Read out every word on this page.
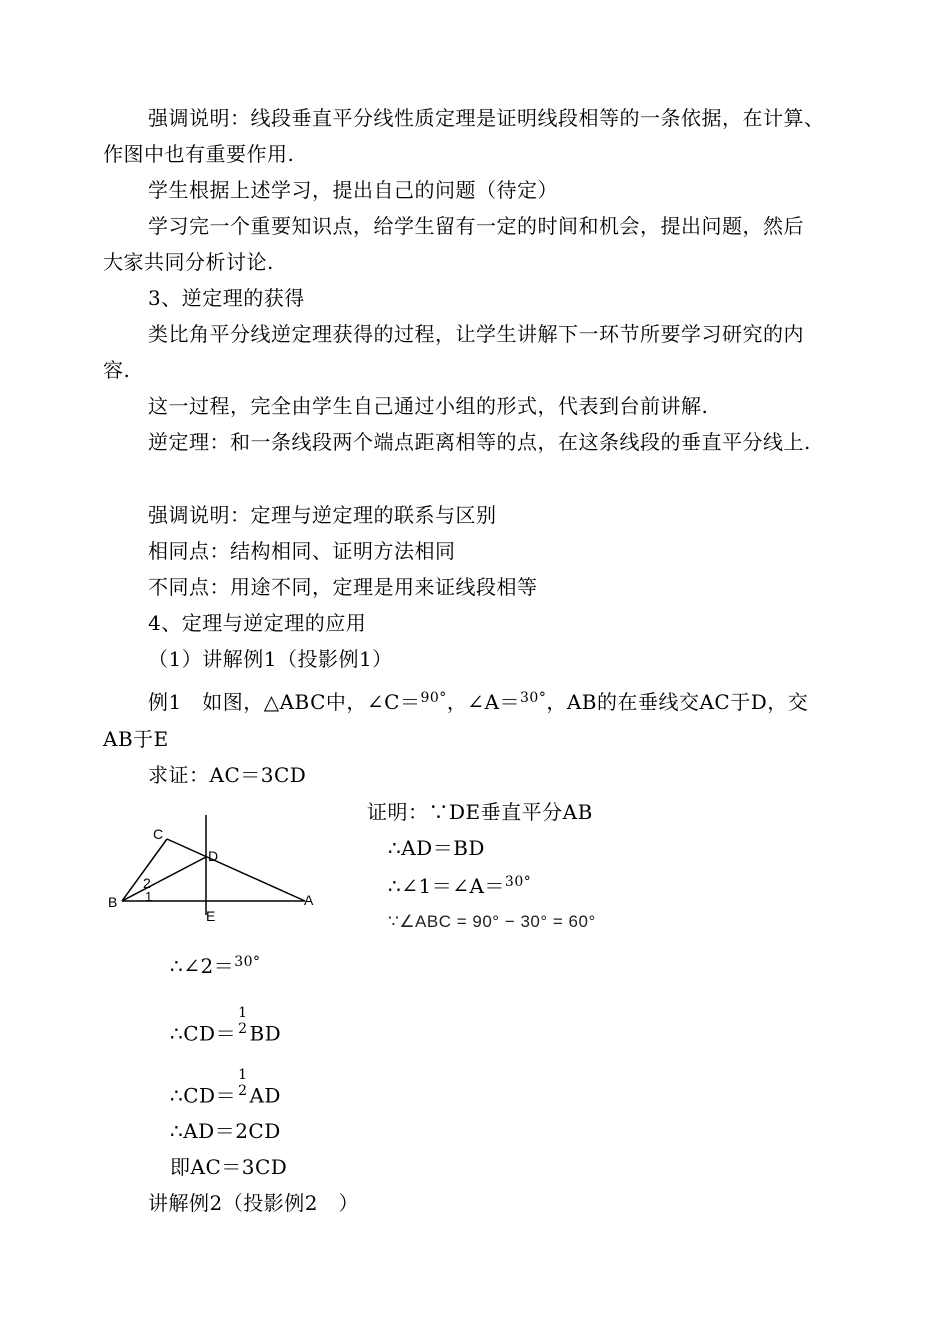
强调说明：线段垂直平分线性质定理是证明线段相等的一条依据，在计算、
作图中也有重要作用.
学生根据上述学习，提出自己的问题（待定）
学习完一个重要知识点，给学生留有一定的时间和机会，提出问题，然后
大家共同分析讨论.
3、逆定理的获得
类比角平分线逆定理获得的过程，让学生讲解下一环节所要学习研究的内
容.
这一过程，完全由学生自己通过小组的形式，代表到台前讲解.
逆定理：和一条线段两个端点距离相等的点，在这条线段的垂直平分线上.
强调说明：定理与逆定理的联系与区别
相同点：结构相同、证明方法相同
不同点：用途不同，定理是用来证线段相等
4、定理与逆定理的应用
（1）讲解例1（投影例1）
例1　如图，△ABC中，∠C＝$^{90^\circ}$，∠A＝$^{30^\circ}$，AB的在垂线交AC于D，交
AB于E
求证：AC＝3CD
C
D
B	A
E
2
1
证明：∵DE垂直平分AB
∴AD＝BD
∴∠1＝∠A＝$^{30^\circ}$
∵∠ABC = 90° − 30° = 60°
∴∠2＝$^{30^\circ}$
∴CD＝
1
2 BD
∴CD＝
1
2 AD
∴AD＝2CD
即AC＝3CD
讲解例2（投影例2　）
